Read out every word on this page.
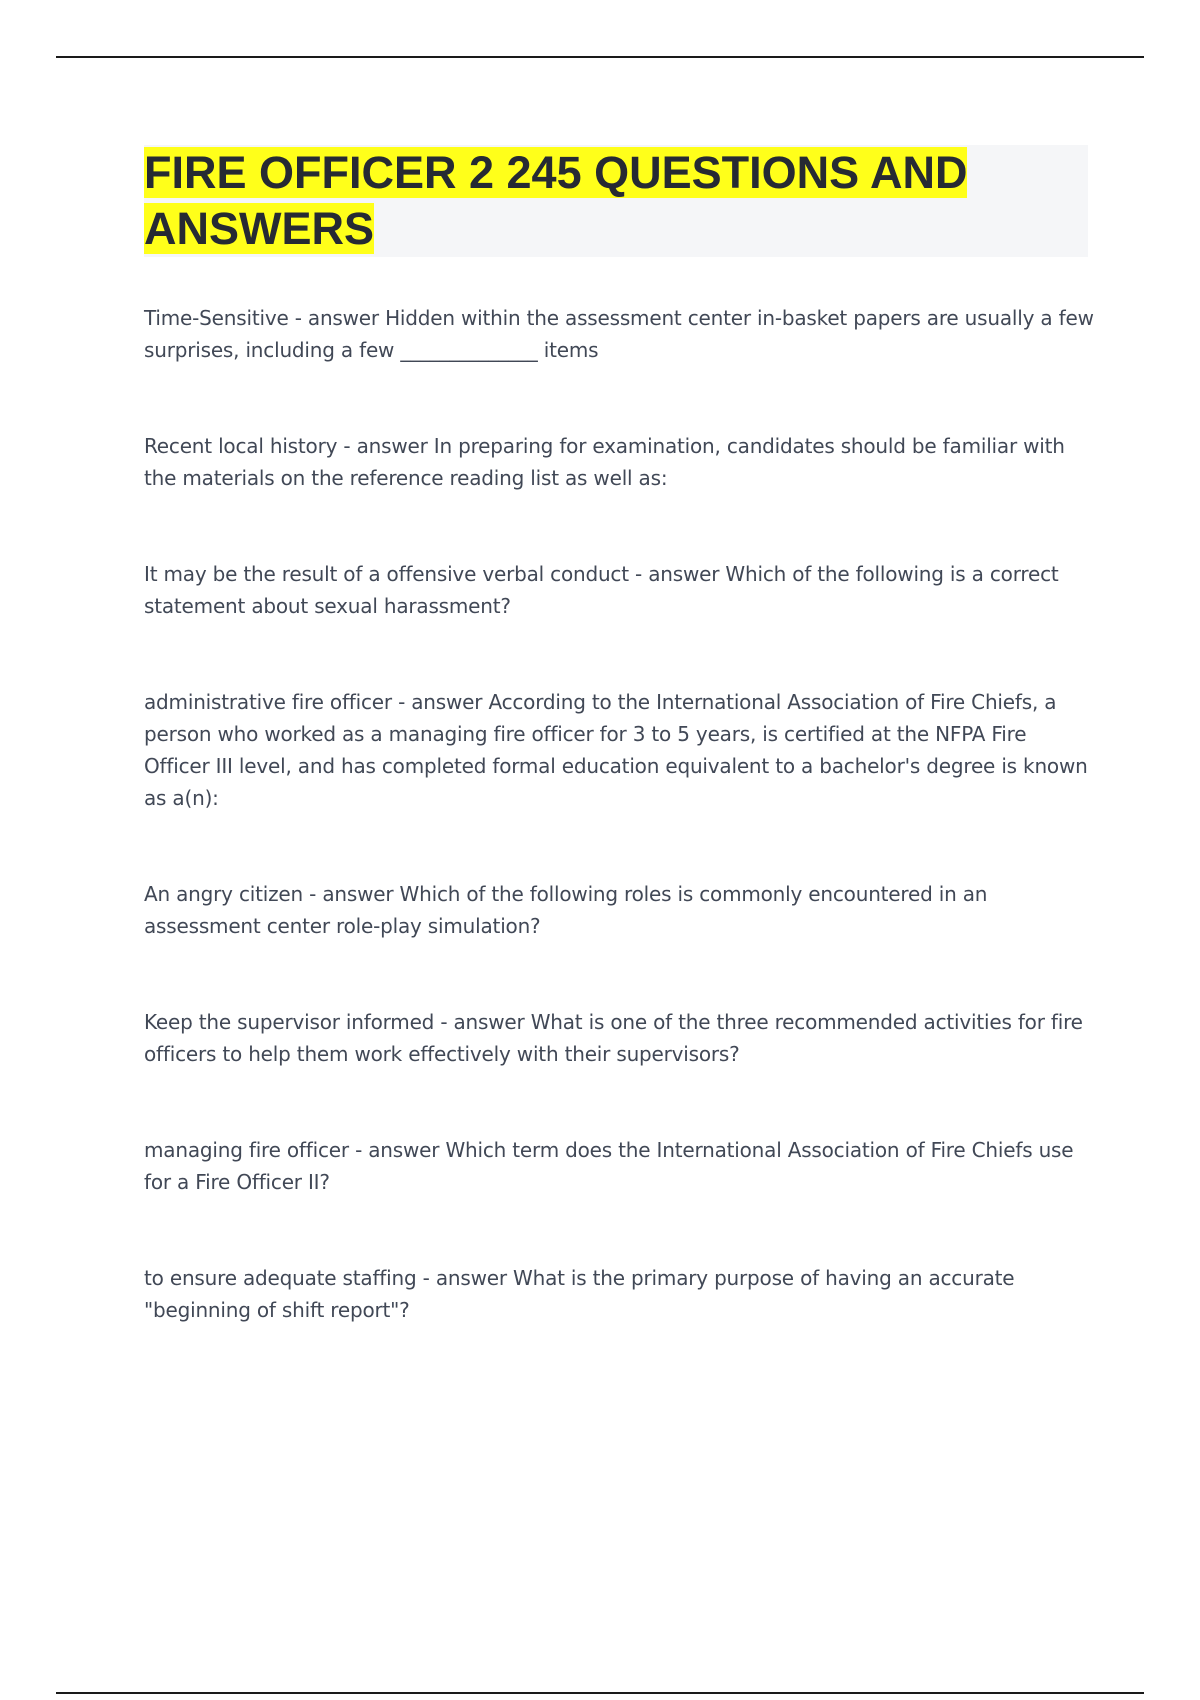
FIRE OFFICER 2 245 QUESTIONS AND ANSWERS
Time-Sensitive - answer Hidden within the assessment center in-basket papers are usually a few surprises, including a few ______________ items
Recent local history - answer In preparing for examination, candidates should be familiar with the materials on the reference reading list as well as:
It may be the result of a offensive verbal conduct - answer Which of the following is a correct statement about sexual harassment?
administrative fire officer - answer According to the International Association of Fire Chiefs, a person who worked as a managing fire officer for 3 to 5 years, is certified at the NFPA Fire Officer III level, and has completed formal education equivalent to a bachelor's degree is known as a(n):
An angry citizen - answer Which of the following roles is commonly encountered in an assessment center role-play simulation?
Keep the supervisor informed - answer What is one of the three recommended activities for fire officers to help them work effectively with their supervisors?
managing fire officer - answer Which term does the International Association of Fire Chiefs use for a Fire Officer II?
to ensure adequate staffing - answer What is the primary purpose of having an accurate "beginning of shift report"?
